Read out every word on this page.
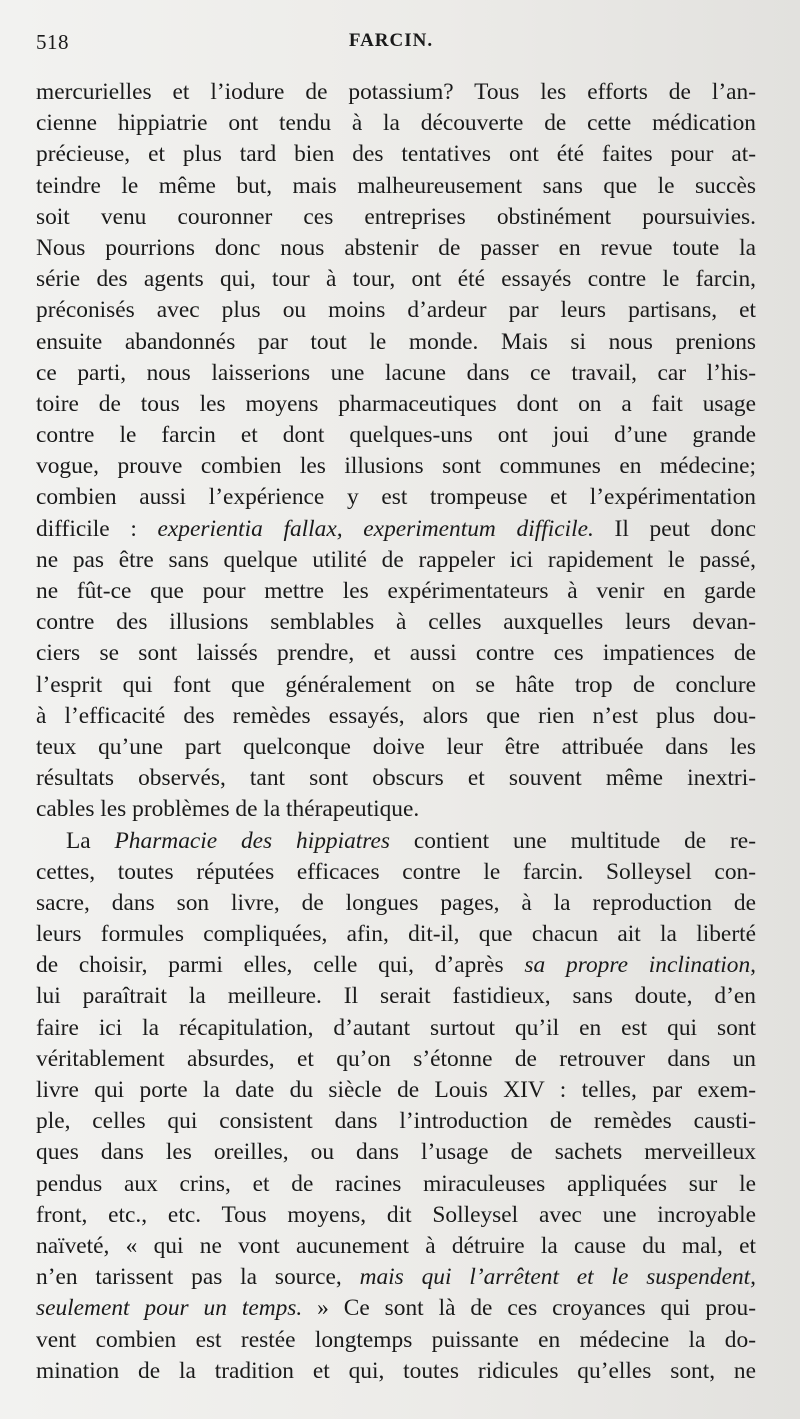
518	FARCIN.
mercurielles et l’iodure de potassium? Tous les efforts de l’an-
cienne hippiatrie ont tendu à la découverte de cette médication
précieuse, et plus tard bien des tentatives ont été faites pour at-
teindre le même but, mais malheureusement sans que le succès
soit venu couronner ces entreprises obstinément poursuivies.
Nous pourrions donc nous abstenir de passer en revue toute la
série des agents qui, tour à tour, ont été essayés contre le farcin,
préconisés avec plus ou moins d’ardeur par leurs partisans, et
ensuite abandonnés par tout le monde. Mais si nous prenions
ce parti, nous laisserions une lacune dans ce travail, car l’his-
toire de tous les moyens pharmaceutiques dont on a fait usage
contre le farcin et dont quelques-uns ont joui d’une grande
vogue, prouve combien les illusions sont communes en médecine;
combien aussi l’expérience y est trompeuse et l’expérimentation
difficile : experientia fallax, experimentum difficile. Il peut donc
ne pas être sans quelque utilité de rappeler ici rapidement le passé,
ne fût-ce que pour mettre les expérimentateurs à venir en garde
contre des illusions semblables à celles auxquelles leurs devan-
ciers se sont laissés prendre, et aussi contre ces impatiences de
l’esprit qui font que généralement on se hâte trop de conclure
à l’efficacité des remèdes essayés, alors que rien n’est plus dou-
teux qu’une part quelconque doive leur être attribuée dans les
résultats observés, tant sont obscurs et souvent même inextri-
cables les problèmes de la thérapeutique.
La Pharmacie des hippiatres contient une multitude de re-
cettes, toutes réputées efficaces contre le farcin. Solleysel con-
sacre, dans son livre, de longues pages, à la reproduction de
leurs formules compliquées, afin, dit-il, que chacun ait la liberté
de choisir, parmi elles, celle qui, d’après sa propre inclination,
lui paraîtrait la meilleure. Il serait fastidieux, sans doute, d’en
faire ici la récapitulation, d’autant surtout qu’il en est qui sont
véritablement absurdes, et qu’on s’étonne de retrouver dans un
livre qui porte la date du siècle de Louis XIV : telles, par exem-
ple, celles qui consistent dans l’introduction de remèdes causti-
ques dans les oreilles, ou dans l’usage de sachets merveilleux
pendus aux crins, et de racines miraculeuses appliquées sur le
front, etc., etc. Tous moyens, dit Solleysel avec une incroyable
naïveté, « qui ne vont aucunement à détruire la cause du mal, et
n’en tarissent pas la source, mais qui l’arrêtent et le suspendent,
seulement pour un temps. » Ce sont là de ces croyances qui prou-
vent combien est restée longtemps puissante en médecine la do-
mination de la tradition et qui, toutes ridicules qu’elles sont, ne
